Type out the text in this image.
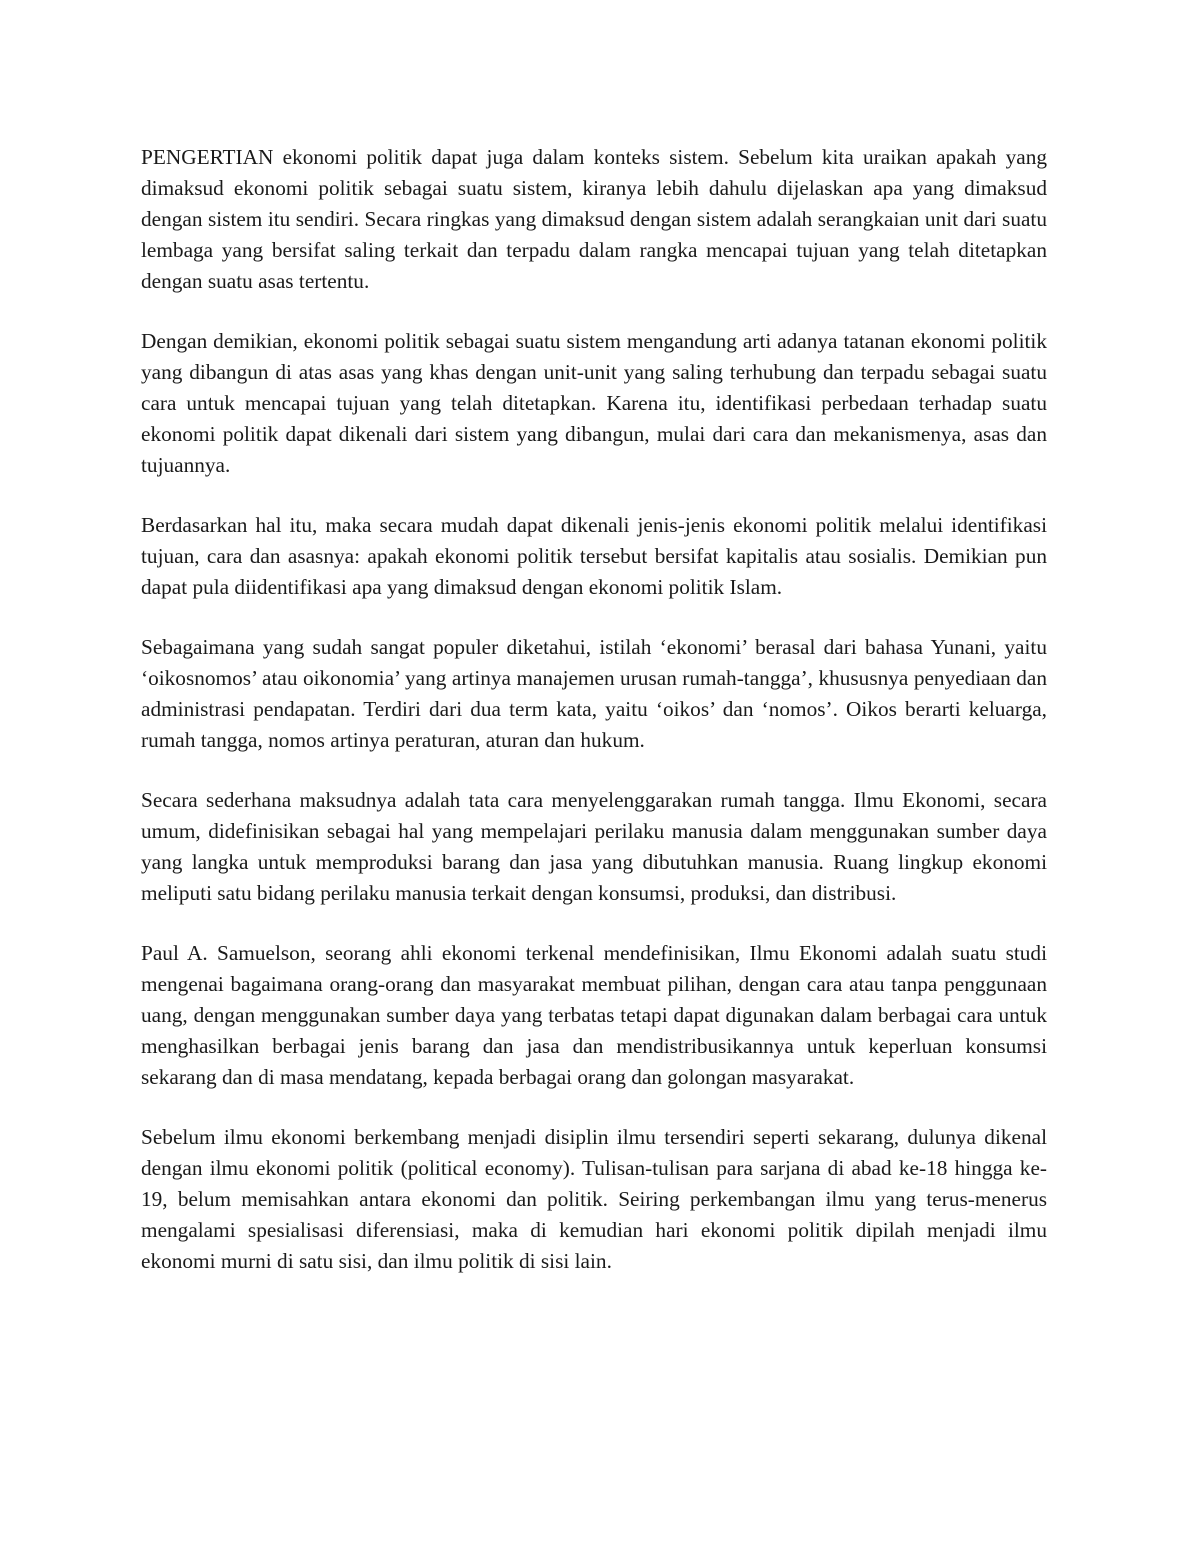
PENGERTIAN ekonomi politik dapat juga dalam konteks sistem. Sebelum kita uraikan apakah yang dimaksud ekonomi politik sebagai suatu sistem, kiranya lebih dahulu dijelaskan apa yang dimaksud dengan sistem itu sendiri. Secara ringkas yang dimaksud dengan sistem adalah serangkaian unit dari suatu lembaga yang bersifat saling terkait dan terpadu dalam rangka mencapai tujuan yang telah ditetapkan dengan suatu asas tertentu.

Dengan demikian, ekonomi politik sebagai suatu sistem mengandung arti adanya tatanan ekonomi politik yang dibangun di atas asas yang khas dengan unit-unit yang saling terhubung dan terpadu sebagai suatu cara untuk mencapai tujuan yang telah ditetapkan. Karena itu, identifikasi perbedaan terhadap suatu ekonomi politik dapat dikenali dari sistem yang dibangun, mulai dari cara dan mekanismenya, asas dan tujuannya.

Berdasarkan hal itu, maka secara mudah dapat dikenali jenis-jenis ekonomi politik melalui identifikasi tujuan, cara dan asasnya: apakah ekonomi politik tersebut bersifat kapitalis atau sosialis. Demikian pun dapat pula diidentifikasi apa yang dimaksud dengan ekonomi politik Islam.

Sebagaimana yang sudah sangat populer diketahui, istilah ‘ekonomi’ berasal dari bahasa Yunani, yaitu ‘oikosnomos’ atau oikonomia’ yang artinya manajemen urusan rumah-tangga’, khususnya penyediaan dan administrasi pendapatan. Terdiri dari dua term kata, yaitu ‘oikos’ dan ‘nomos’. Oikos berarti keluarga, rumah tangga, nomos artinya peraturan, aturan dan hukum.

Secara sederhana maksudnya adalah tata cara menyelenggarakan rumah tangga. Ilmu Ekonomi, secara umum, didefinisikan sebagai hal yang mempelajari perilaku manusia dalam menggunakan sumber daya yang langka untuk memproduksi barang dan jasa yang dibutuhkan manusia. Ruang lingkup ekonomi meliputi satu bidang perilaku manusia terkait dengan konsumsi, produksi, dan distribusi.

Paul A. Samuelson, seorang ahli ekonomi terkenal mendefinisikan, Ilmu Ekonomi adalah suatu studi mengenai bagaimana orang-orang dan masyarakat membuat pilihan, dengan cara atau tanpa penggunaan uang, dengan menggunakan sumber daya yang terbatas tetapi dapat digunakan dalam berbagai cara untuk menghasilkan berbagai jenis barang dan jasa dan mendistribusikannya untuk keperluan konsumsi sekarang dan di masa mendatang, kepada berbagai orang dan golongan masyarakat.

Sebelum ilmu ekonomi berkembang menjadi disiplin ilmu tersendiri seperti sekarang, dulunya dikenal dengan ilmu ekonomi politik (political economy). Tulisan-tulisan para sarjana di abad ke-18 hingga ke-19, belum memisahkan antara ekonomi dan politik. Seiring perkembangan ilmu yang terus-menerus mengalami spesialisasi diferensiasi, maka di kemudian hari ekonomi politik dipilah menjadi ilmu ekonomi murni di satu sisi, dan ilmu politik di sisi lain.
